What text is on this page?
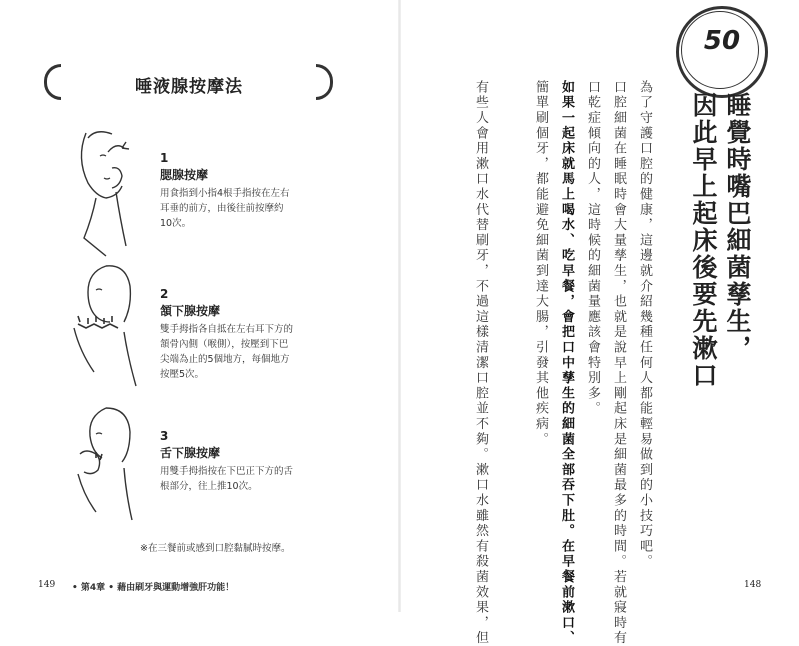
唾液腺按摩法
1
腮腺按摩
用食指到小指4根手指按在左右
耳垂的前方，由後往前按摩約
10次。
2
頷下腺按摩
雙手拇指各自抵在左右耳下方的
頷骨內側（喉側），按壓到下巴
尖端為止的5個地方，每個地方
按壓5次。
3
舌下腺按摩
用雙手拇指按在下巴正下方的舌
根部分，往上推10次。
※在三餐前或感到口腔黏膩時按摩。
149 • 第4章 • 藉由刷牙與運動增強肝功能！
50
睡覺時嘴巴細菌孳生，
因此早上起床後要先漱口
為了守護口腔的健康，這邊就介紹幾種任何人都能輕易做到的小技巧吧。
口腔細菌在睡眠時會大量孳生，也就是說早上剛起床是細菌最多的時間。若就寢時有
口乾症傾向的人，這時候的細菌量應該會特別多。
如果一起床就馬上喝水、吃早餐，會把口中孳生的細菌全部吞下肚。在早餐前漱口、
簡單刷個牙，都能避免細菌到達大腸，引發其他疾病。
有些人會用漱口水代替刷牙，不過這樣清潔口腔並不夠。漱口水雖然有殺菌效果，但	148
